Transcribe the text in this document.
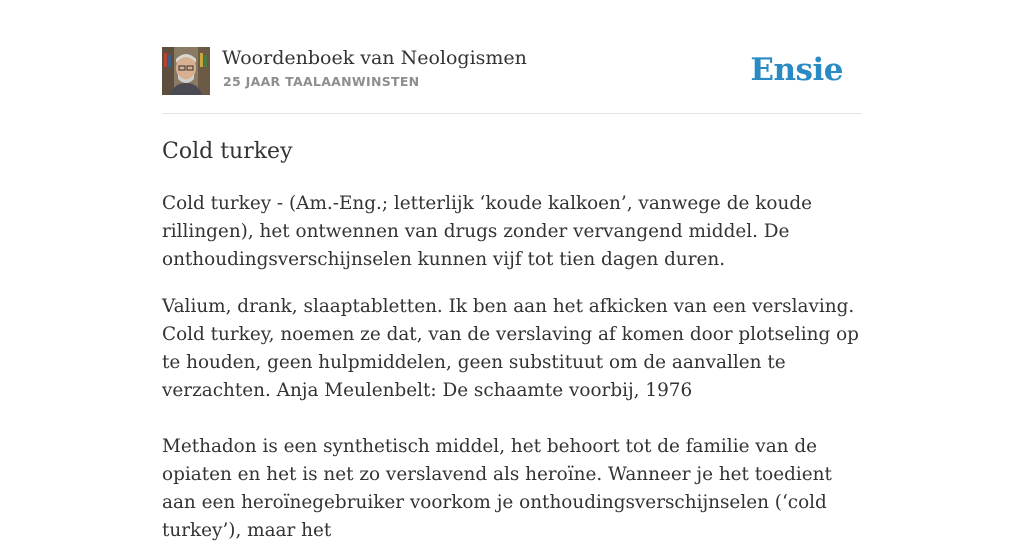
Woordenboek van Neologismen
25 JAAR TAALAANWINSTEN	Ensie
Cold turkey

Cold turkey - (Am.-Eng.; letterlijk ‘koude kalkoen’, vanwege de koude rillingen), het ontwennen van drugs zonder vervangend middel. De onthoudingsverschijnselen kunnen vijf tot tien dagen duren.

Valium, drank, slaaptabletten. Ik ben aan het afkicken van een verslaving. Cold turkey, noemen ze dat, van de verslaving af komen door plotseling op te houden, geen hulpmiddelen, geen substituut om de aanvallen te verzachten. Anja Meulenbelt: De schaamte voorbij, 1976

Methadon is een synthetisch middel, het behoort tot de familie van de opiaten en het is net zo verslavend als heroïne. Wanneer je het toedient aan een heroïnegebruiker voorkom je onthoudingsverschijnselen (‘cold turkey’), maar het
